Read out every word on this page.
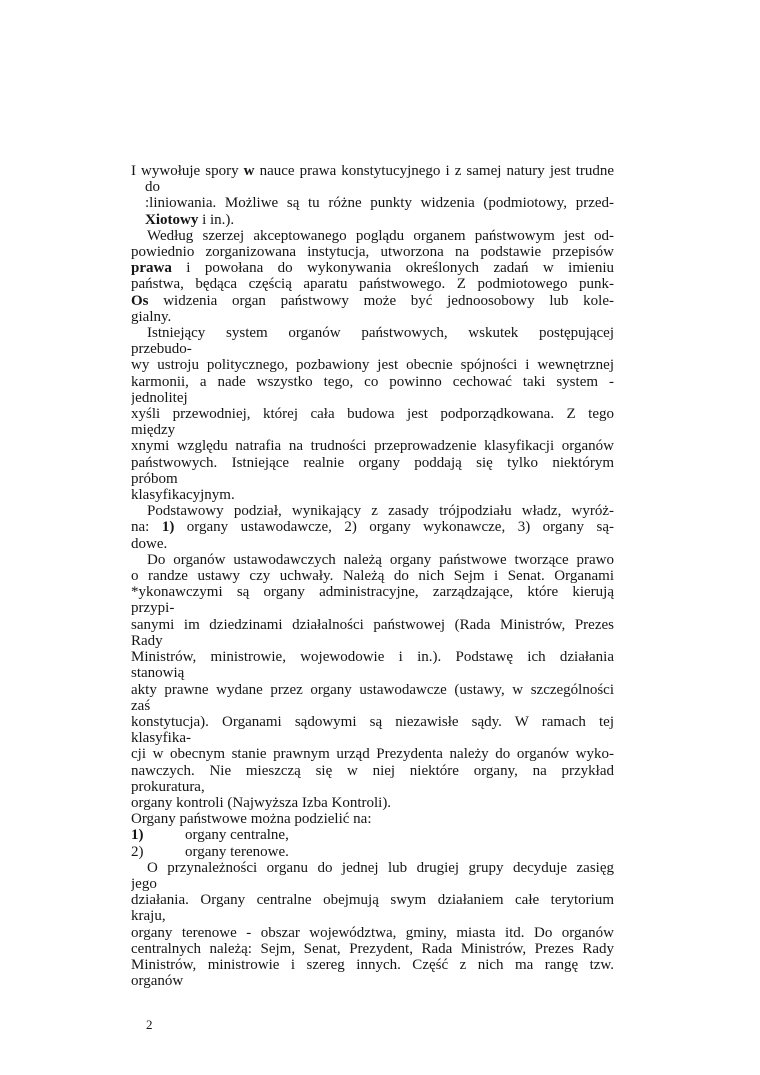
I wywołuje spory w nauce prawa konstytucyjnego i z samej natury jest trudne
do
:liniowania. Możliwe są tu różne punkty widzenia (podmiotowy, przed-
Xiotowy i in.).
Według szerzej akceptowanego poglądu organem państwowym jest od-
powiednio zorganizowana instytucja, utworzona na podstawie przepisów
prawa i powołana do wykonywania określonych zadań w imieniu
państwa, będąca częścią aparatu państwowego. Z podmiotowego punk-
Os widzenia organ państwowy może być jednoosobowy lub kole-
gialny.
Istniejący system organów państwowych, wskutek postępującej
przebudo-
wy ustroju politycznego, pozbawiony jest obecnie spójności i wewnętrznej
karmonii, a nade wszystko tego, co powinno cechować taki system -
jednolitej
xyśli przewodniej, której cała budowa jest podporządkowana. Z tego
między
xnymi względu natrafia na trudności przeprowadzenie klasyfikacji organów
państwowych. Istniejące realnie organy poddają się tylko niektórym
próbom
klasyfikacyjnym.
Podstawowy podział, wynikający z zasady trójpodziału władz, wyróż-
na: 1) organy ustawodawcze, 2) organy wykonawcze, 3) organy są-
dowe.
Do organów ustawodawczych należą organy państwowe tworzące prawo
o randze ustawy czy uchwały. Należą do nich Sejm i Senat. Organami
*ykonawczymi są organy administracyjne, zarządzające, które kierują
przypi-
sanymi im dziedzinami działalności państwowej (Rada Ministrów, Prezes
Rady
Ministrów, ministrowie, wojewodowie i in.). Podstawę ich działania
stanowią
akty prawne wydane przez organy ustawodawcze (ustawy, w szczególności
zaś
konstytucja). Organami sądowymi są niezawisłe sądy. W ramach tej
klasyfika-
cji w obecnym stanie prawnym urząd Prezydenta należy do organów wyko-
nawczych. Nie mieszczą się w niej niektóre organy, na przykład
prokuratura,
organy kontroli (Najwyższa Izba Kontroli).
Organy państwowe można podzielić na:
1)	organy centralne,
2)	organy terenowe.
O przynależności organu do jednej lub drugiej grupy decyduje zasięg
jego
działania. Organy centralne obejmują swym działaniem całe terytorium
kraju,
organy terenowe - obszar województwa, gminy, miasta itd. Do organów
centralnych należą: Sejm, Senat, Prezydent, Rada Ministrów, Prezes Rady
Ministrów, ministrowie i szereg innych. Część z nich ma rangę tzw.
organów
2
